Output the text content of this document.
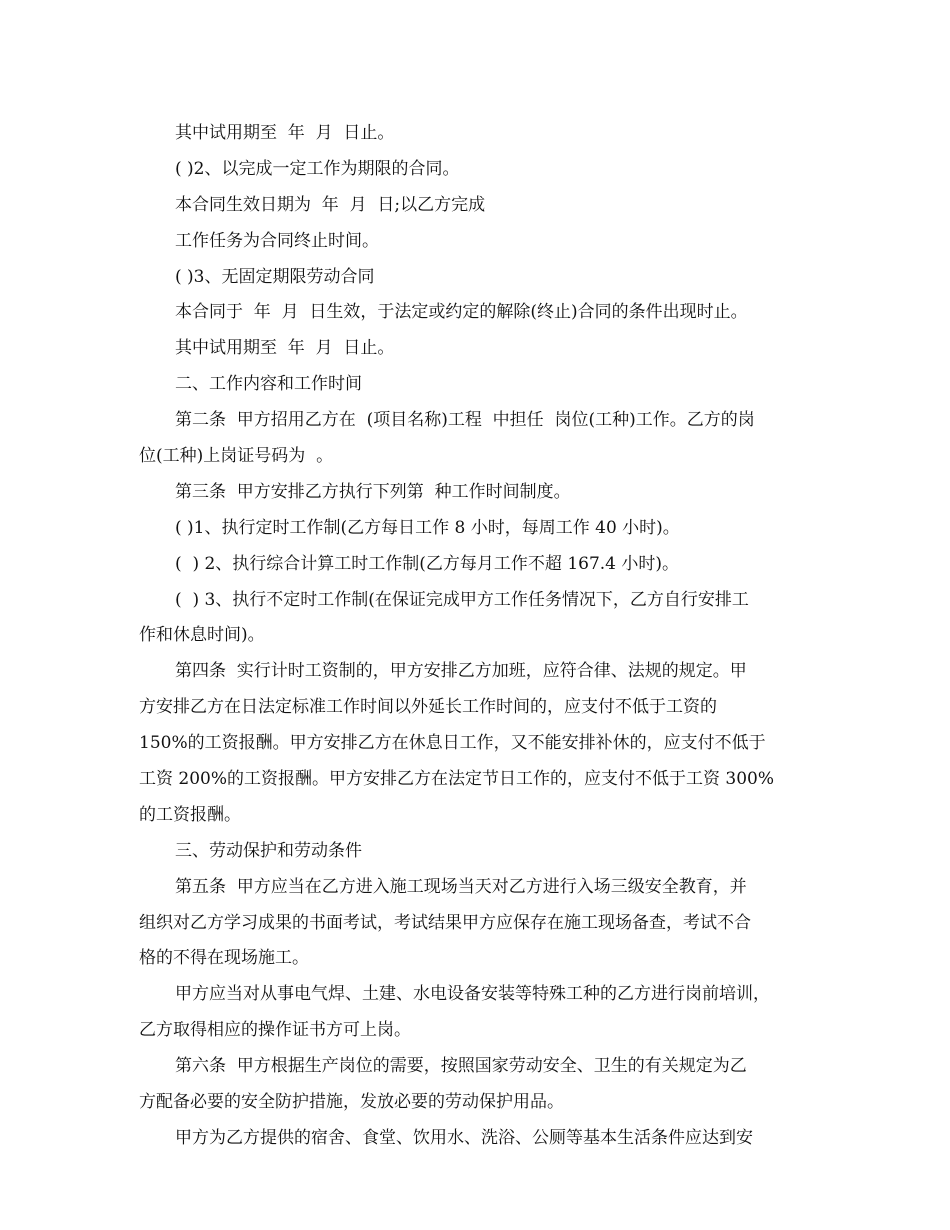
其中试用期至  年  月  日止。
( )2、以完成一定工作为期限的合同。
本合同生效日期为  年  月  日;以乙方完成
工作任务为合同终止时间。
( )3、无固定期限劳动合同
本合同于  年  月  日生效，于法定或约定的解除(终止)合同的条件出现时止。
其中试用期至  年  月  日止。
二、工作内容和工作时间
第二条  甲方招用乙方在  (项目名称)工程  中担任  岗位(工种)工作。乙方的岗
位(工种)上岗证号码为  。
第三条  甲方安排乙方执行下列第  种工作时间制度。
( )1、执行定时工作制(乙方每日工作 8 小时，每周工作 40 小时)。
(  ) 2、执行综合计算工时工作制(乙方每月工作不超 167.4 小时)。
(  ) 3、执行不定时工作制(在保证完成甲方工作任务情况下，乙方自行安排工
作和休息时间)。
第四条  实行计时工资制的，甲方安排乙方加班，应符合律、法规的规定。甲
方安排乙方在日法定标准工作时间以外延长工作时间的，应支付不低于工资的
150%的工资报酬。甲方安排乙方在休息日工作，又不能安排补休的，应支付不低于
工资 200%的工资报酬。甲方安排乙方在法定节日工作的，应支付不低于工资 300%
的工资报酬。
三、劳动保护和劳动条件
第五条  甲方应当在乙方进入施工现场当天对乙方进行入场三级安全教育，并
组织对乙方学习成果的书面考试，考试结果甲方应保存在施工现场备查，考试不合
格的不得在现场施工。
甲方应当对从事电气焊、土建、水电设备安装等特殊工种的乙方进行岗前培训，
乙方取得相应的操作证书方可上岗。
第六条  甲方根据生产岗位的需要，按照国家劳动安全、卫生的有关规定为乙
方配备必要的安全防护措施，发放必要的劳动保护用品。
甲方为乙方提供的宿舍、食堂、饮用水、洗浴、公厕等基本生活条件应达到安
